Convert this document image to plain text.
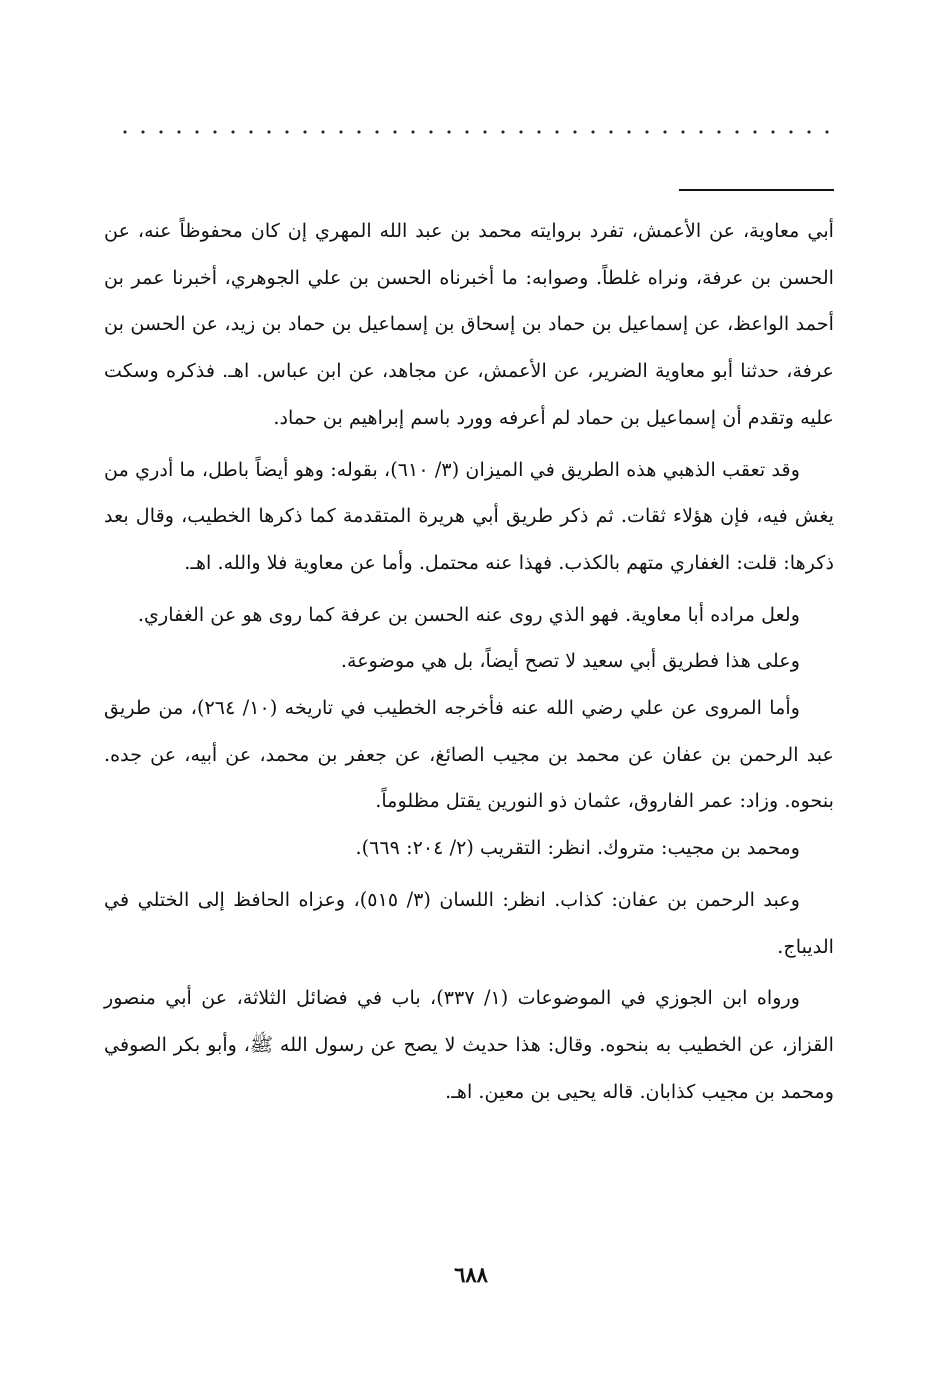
أبي معاوية، عن الأعمش، تفرد بروايته محمد بن عبد الله المهري إن كان محفوظاً عنه، عن الحسن بن عرفة، ونراه غلطاً. وصوابه: ما أخبرناه الحسن بن علي الجوهري، أخبرنا عمر بن أحمد الواعظ، عن إسماعيل بن حماد بن إسحاق بن إسماعيل بن حماد بن زيد، عن الحسن بن عرفة، حدثنا أبو معاوية الضرير، عن الأعمش، عن مجاهد، عن ابن عباس. اهـ. فذكره وسكت عليه وتقدم أن إسماعيل بن حماد لم أعرفه وورد باسم إبراهيم بن حماد.

وقد تعقب الذهبي هذه الطريق في الميزان (٣/ ٦١٠)، بقوله: وهو أيضاً باطل، ما أدري من يغش فيه، فإن هؤلاء ثقات. ثم ذكر طريق أبي هريرة المتقدمة كما ذكرها الخطيب، وقال بعد ذكرها: قلت: الغفاري متهم بالكذب. فهذا عنه محتمل. وأما عن معاوية فلا والله. اهـ.

ولعل مراده أبا معاوية. فهو الذي روى عنه الحسن بن عرفة كما روى هو عن الغفاري.

وعلى هذا فطريق أبي سعيد لا تصح أيضاً، بل هي موضوعة.

وأما المروى عن علي رضي الله عنه فأخرجه الخطيب في تاريخه (١٠/ ٢٦٤)، من طريق عبد الرحمن بن عفان عن محمد بن مجيب الصائغ، عن جعفر بن محمد، عن أبيه، عن جده. بنحوه. وزاد: عمر الفاروق، عثمان ذو النورين يقتل مظلوماً.

ومحمد بن مجيب: متروك. انظر: التقريب (٢/ ٢٠٤: ٦٦٩).

وعبد الرحمن بن عفان: كذاب. انظر: اللسان (٣/ ٥١٥)، وعزاه الحافظ إلى الختلي في الديباج.

ورواه ابن الجوزي في الموضوعات (١/ ٣٣٧)، باب في فضائل الثلاثة، عن أبي منصور القزاز، عن الخطيب به بنحوه. وقال: هذا حديث لا يصح عن رسول الله ﷺ، وأبو بكر الصوفي ومحمد بن مجيب كذابان. قاله يحيى بن معين. اهـ.

٦٨٨
